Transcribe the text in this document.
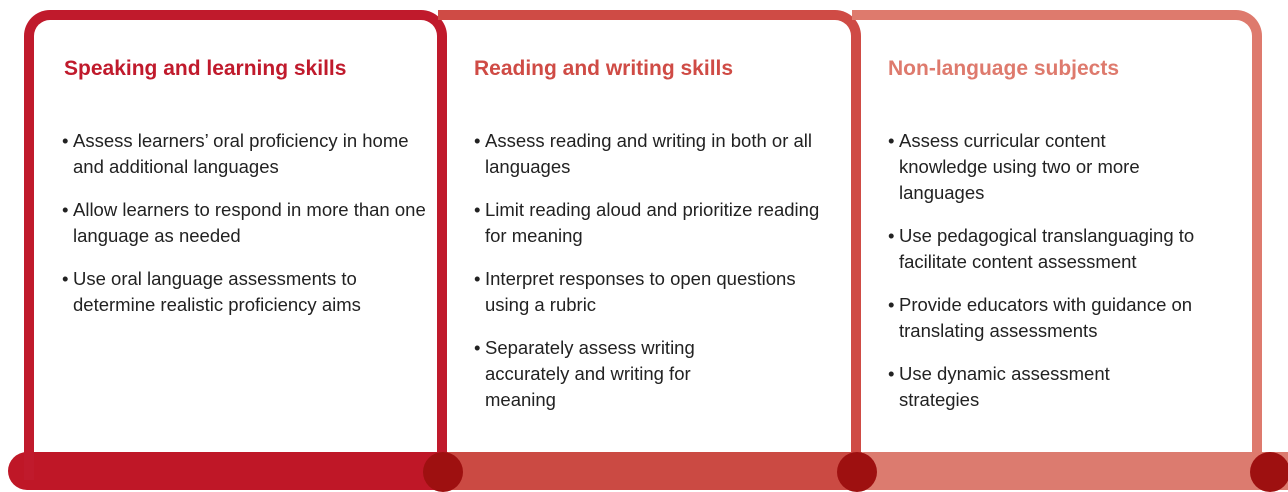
Speaking and learning skills
• Assess learners’ oral proficiency in home and additional languages
• Allow learners to respond in more than one language as needed
• Use oral language assessments to determine realistic proficiency aims
Reading and writing skills
• Assess reading and writing in both or all languages
• Limit reading aloud and prioritize reading for meaning
• Interpret responses to open questions using a rubric
• Separately assess writing accurately and writing for meaning
Non-language subjects
• Assess curricular content knowledge using two or more languages
• Use pedagogical translanguaging to facilitate content assessment
• Provide educators with guidance on translating assessments
• Use dynamic assessment strategies
